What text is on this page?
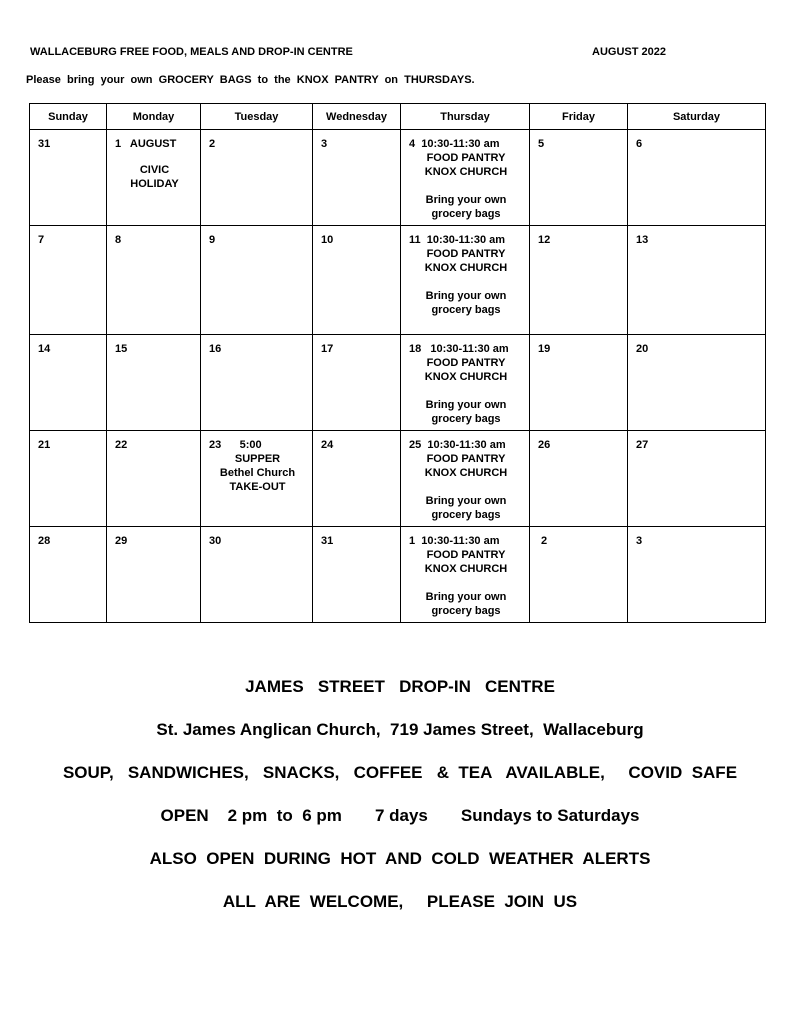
WALLACEBURG FREE FOOD, MEALS AND DROP-IN CENTRE	AUGUST 2022
Please  bring  your  own  GROCERY  BAGS  to  the  KNOX  PANTRY  on  THURSDAYS.
Sunday	Monday	Tuesday	Wednesday	Thursday	Friday	Saturday

31	1   AUGUST
CIVIC
HOLIDAY	2	3	4  10:30-11:30 am
FOOD PANTRY
KNOX CHURCH

Bring your own
grocery bags	5	6

7	8	9	10	11  10:30-11:30 am
FOOD PANTRY
KNOX CHURCH

Bring your own
grocery bags	12	13

14	15	16	17	18   10:30-11:30 am
FOOD PANTRY
KNOX CHURCH

Bring your own
grocery bags	19	20

21	22	23      5:00
SUPPER
Bethel Church
TAKE-OUT	24	25  10:30-11:30 am
FOOD PANTRY
KNOX CHURCH

Bring your own
grocery bags	26	27

28	29	30	31	1  10:30-11:30 am
FOOD PANTRY
KNOX CHURCH

Bring your own
grocery bags	2	3
JAMES   STREET   DROP-IN   CENTRE
St. James Anglican Church,  719 James Street,  Wallaceburg
SOUP,   SANDWICHES,   SNACKS,   COFFEE   &  TEA   AVAILABLE,     COVID  SAFE
OPEN    2 pm  to  6 pm       7 days       Sundays to Saturdays
ALSO  OPEN  DURING  HOT  AND  COLD  WEATHER  ALERTS
ALL  ARE  WELCOME,     PLEASE  JOIN  US
